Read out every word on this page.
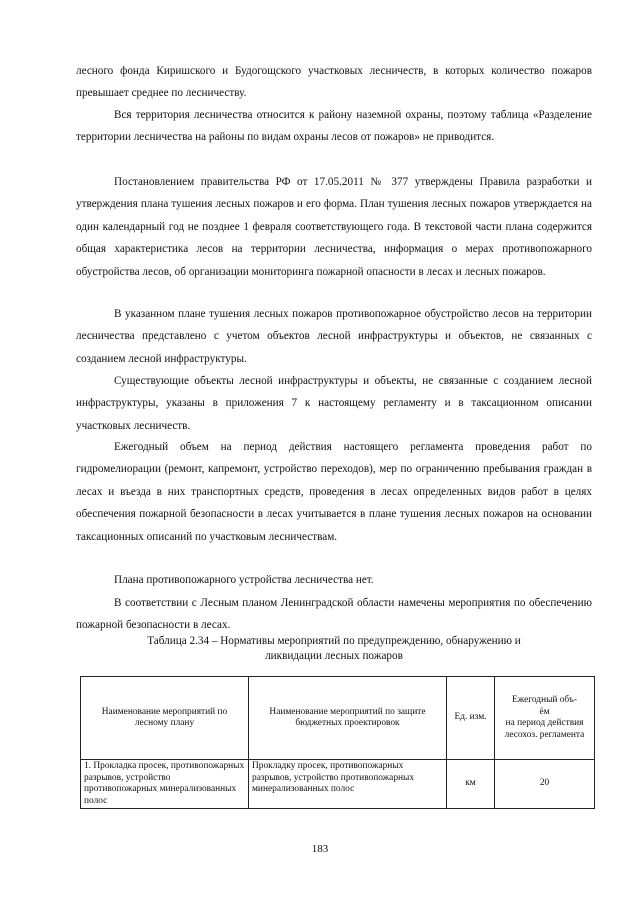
лесного фонда Киришского и Будогощского участковых лесничеств, в которых количество пожаров превышает среднее по лесничеству.

Вся территория лесничества относится к району наземной охраны, поэтому таблица «Разделение территории лесничества на районы по видам охраны лесов от пожаров» не приводится.

Постановлением правительства РФ от 17.05.2011 № 377 утверждены Правила разработки и утверждения плана тушения лесных пожаров и его форма. План тушения лесных пожаров утверждается на один календарный год не позднее 1 февраля соответствующего года. В текстовой части плана содержится общая характеристика лесов на территории лесничества, информация о мерах противопожарного обустройства лесов, об организации мониторинга пожарной опасности в лесах и лесных пожаров.

В указанном плане тушения лесных пожаров противопожарное обустройство лесов на территории лесничества представлено с учетом объектов лесной инфраструктуры и объектов, не связанных с созданием лесной инфраструктуры.

Существующие объекты лесной инфраструктуры и объекты, не связанные с созданием лесной инфраструктуры, указаны в приложения 7 к настоящему регламенту и в таксационном описании участковых лесничеств.

Ежегодный объем на период действия настоящего регламента проведения работ по гидромелиорации (ремонт, капремонт, устройство переходов), мер по ограничению пребывания граждан в лесах и въезда в них транспортных средств, проведения в лесах определенных видов работ в целях обеспечения пожарной безопасности в лесах учитывается в плане тушения лесных пожаров на основании таксационных описаний по участковым лесничествам.

Плана противопожарного устройства лесничества нет.

В соответствии с Лесным планом Ленинградской области намечены мероприятия по обеспечению пожарной безопасности в лесах.

Таблица 2.34 – Нормативы мероприятий по предупреждению, обнаружению и
ликвидации лесных пожаров
Наименование мероприятий по лесному плану	Наименование мероприятий по защите бюджетных проектировок	Ед. изм.	Ежегодный объ-
ём
на период действия лесохоз. регламента

1. Прокладка просек, противопожарных разрывов, устройство противопожарных минерализованных полос	Прокладку просек, противопожарных разрывов, устройство противопожарных минерализованных полос	км	20
183
